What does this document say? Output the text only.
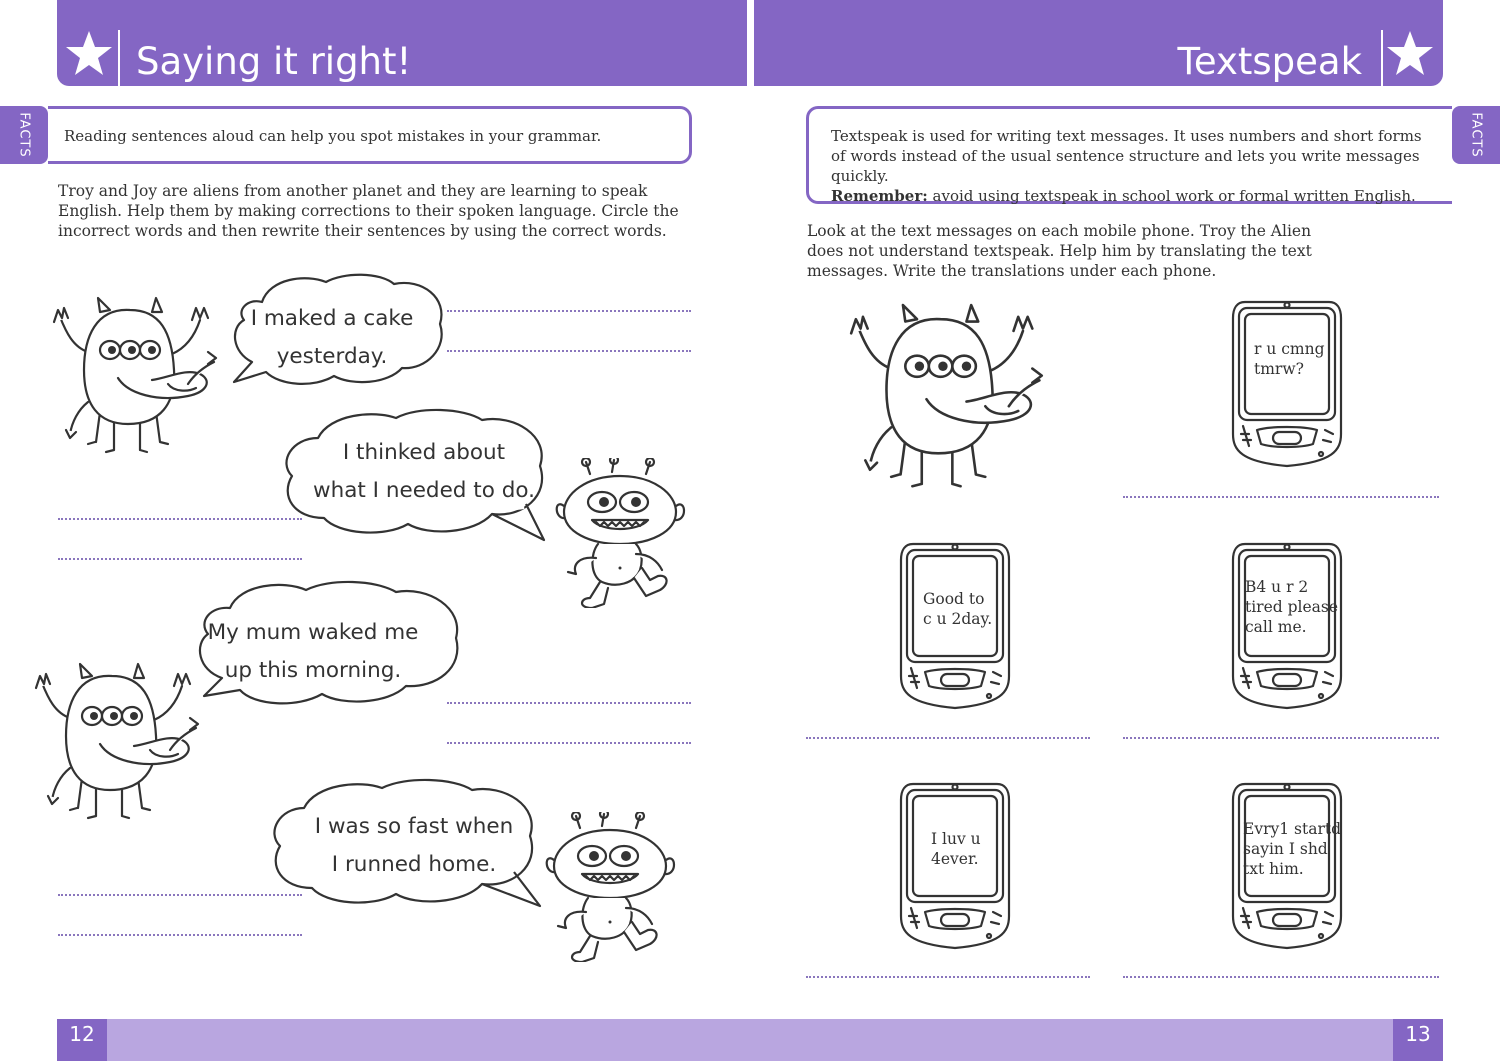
Saying it right!	Textspeak
FACTS	FACTS
Reading sentences aloud can help you spot mistakes in your grammar.	Textspeak is used for writing text messages. It uses numbers and short forms of words instead of the usual sentence structure and lets you write messages quickly.
Remember: avoid using textspeak in school work or formal written English.
Troy and Joy are aliens from another planet and they are learning to speak English. Help them by making corrections to their spoken language. Circle the incorrect words and then rewrite their sentences by using the correct words.	Look at the text messages on each mobile phone. Troy the Alien does not understand textspeak. Help him by translating the text messages. Write the translations under each phone.
I maked a cake
yesterday.
I thinked about
what I needed to do.
My mum waked me
up this morning.
I was so fast when
I runned home.
r u cmng
tmrw?
Good to
c u 2day.
B4 u r 2
tired please
call me.
I luv u
4ever.
Evry1 startd
sayin I shd
txt him.
12	13
